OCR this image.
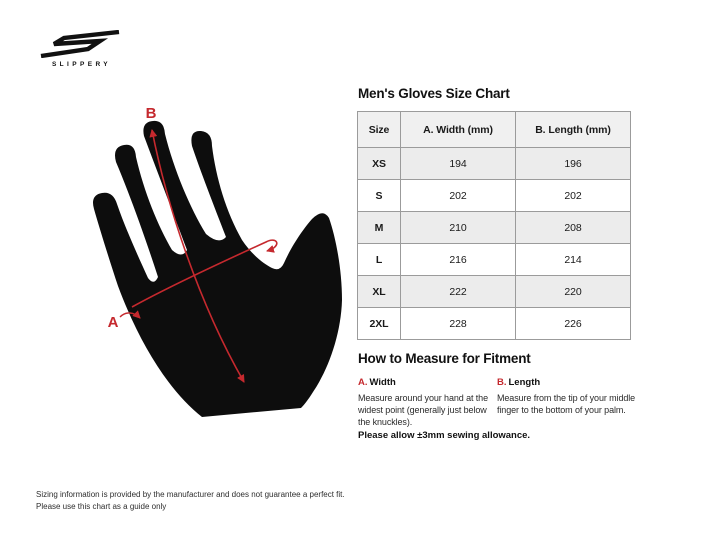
SLIPPERY
A
B
Men's Gloves Size Chart
Size	A. Width (mm)	B. Length (mm)
XS	194	196
S	202	202
M	210	208
L	216	214
XL	222	220
2XL	228	226
How to Measure for Fitment
A. Width

Measure around your hand at the widest point (generally just below the knuckles).

B. Length

Measure from the tip of your middle finger to the bottom of your palm.

Please allow ±3mm sewing allowance.
Sizing information is provided by the manufacturer and does not guarantee a perfect fit.
Please use this chart as a guide only
